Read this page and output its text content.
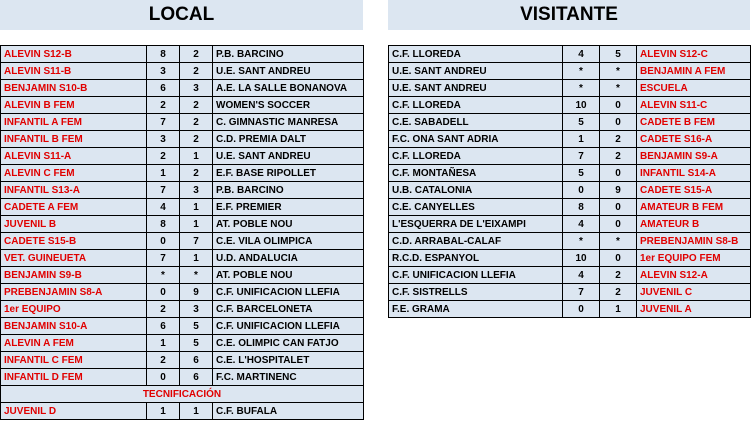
LOCAL	VISITANTE
ALEVIN S12-B	8	2	P.B. BARCINO
ALEVIN S11-B	3	2	U.E. SANT ANDREU
BENJAMIN S10-B	6	3	A.E. LA SALLE BONANOVA
ALEVIN B FEM	2	2	WOMEN'S SOCCER
INFANTIL A FEM	7	2	C. GIMNASTIC MANRESA
INFANTIL B FEM	3	2	C.D. PREMIA DALT
ALEVIN S11-A	2	1	U.E. SANT ANDREU
ALEVIN C FEM	1	2	E.F. BASE RIPOLLET
INFANTIL S13-A	7	3	P.B. BARCINO
CADETE A FEM	4	1	E.F. PREMIER
JUVENIL B	8	1	AT. POBLE NOU
CADETE S15-B	0	7	C.E. VILA OLIMPICA
VET. GUINEUETA	7	1	U.D. ANDALUCIA
BENJAMIN S9-B	*	*	AT. POBLE NOU
PREBENJAMIN S8-A	0	9	C.F. UNIFICACION LLEFIA
1er EQUIPO	2	3	C.F. BARCELONETA
BENJAMIN S10-A	6	5	C.F. UNIFICACION LLEFIA
ALEVIN A FEM	1	5	C.E. OLIMPIC CAN FATJO
INFANTIL C FEM	2	6	C.E. L'HOSPITALET
INFANTIL D FEM	0	6	F.C. MARTINENC
TECNIFICACIÓN			
JUVENIL D	1	1	C.F. BUFALA
C.F. LLOREDA	4	5	ALEVIN S12-C
U.E. SANT ANDREU	*	*	BENJAMIN A FEM
U.E. SANT ANDREU	*	*	ESCUELA
C.F. LLOREDA	10	0	ALEVIN S11-C
C.E. SABADELL	5	0	CADETE B FEM
F.C. ONA SANT ADRIA	1	2	CADETE S16-A
C.F. LLOREDA	7	2	BENJAMIN S9-A
C.F. MONTAÑESA	5	0	INFANTIL S14-A
U.B. CATALONIA	0	9	CADETE S15-A
C.E. CANYELLES	8	0	AMATEUR B FEM
L'ESQUERRA DE L'EIXAMPI	4	0	AMATEUR B
C.D. ARRABAL-CALAF	*	*	PREBENJAMIN S8-B
R.C.D. ESPANYOL	10	0	1er EQUIPO FEM
C.F. UNIFICACION LLEFIA	4	2	ALEVIN S12-A
C.F. SISTRELLS	7	2	JUVENIL C
F.E. GRAMA	0	1	JUVENIL A
